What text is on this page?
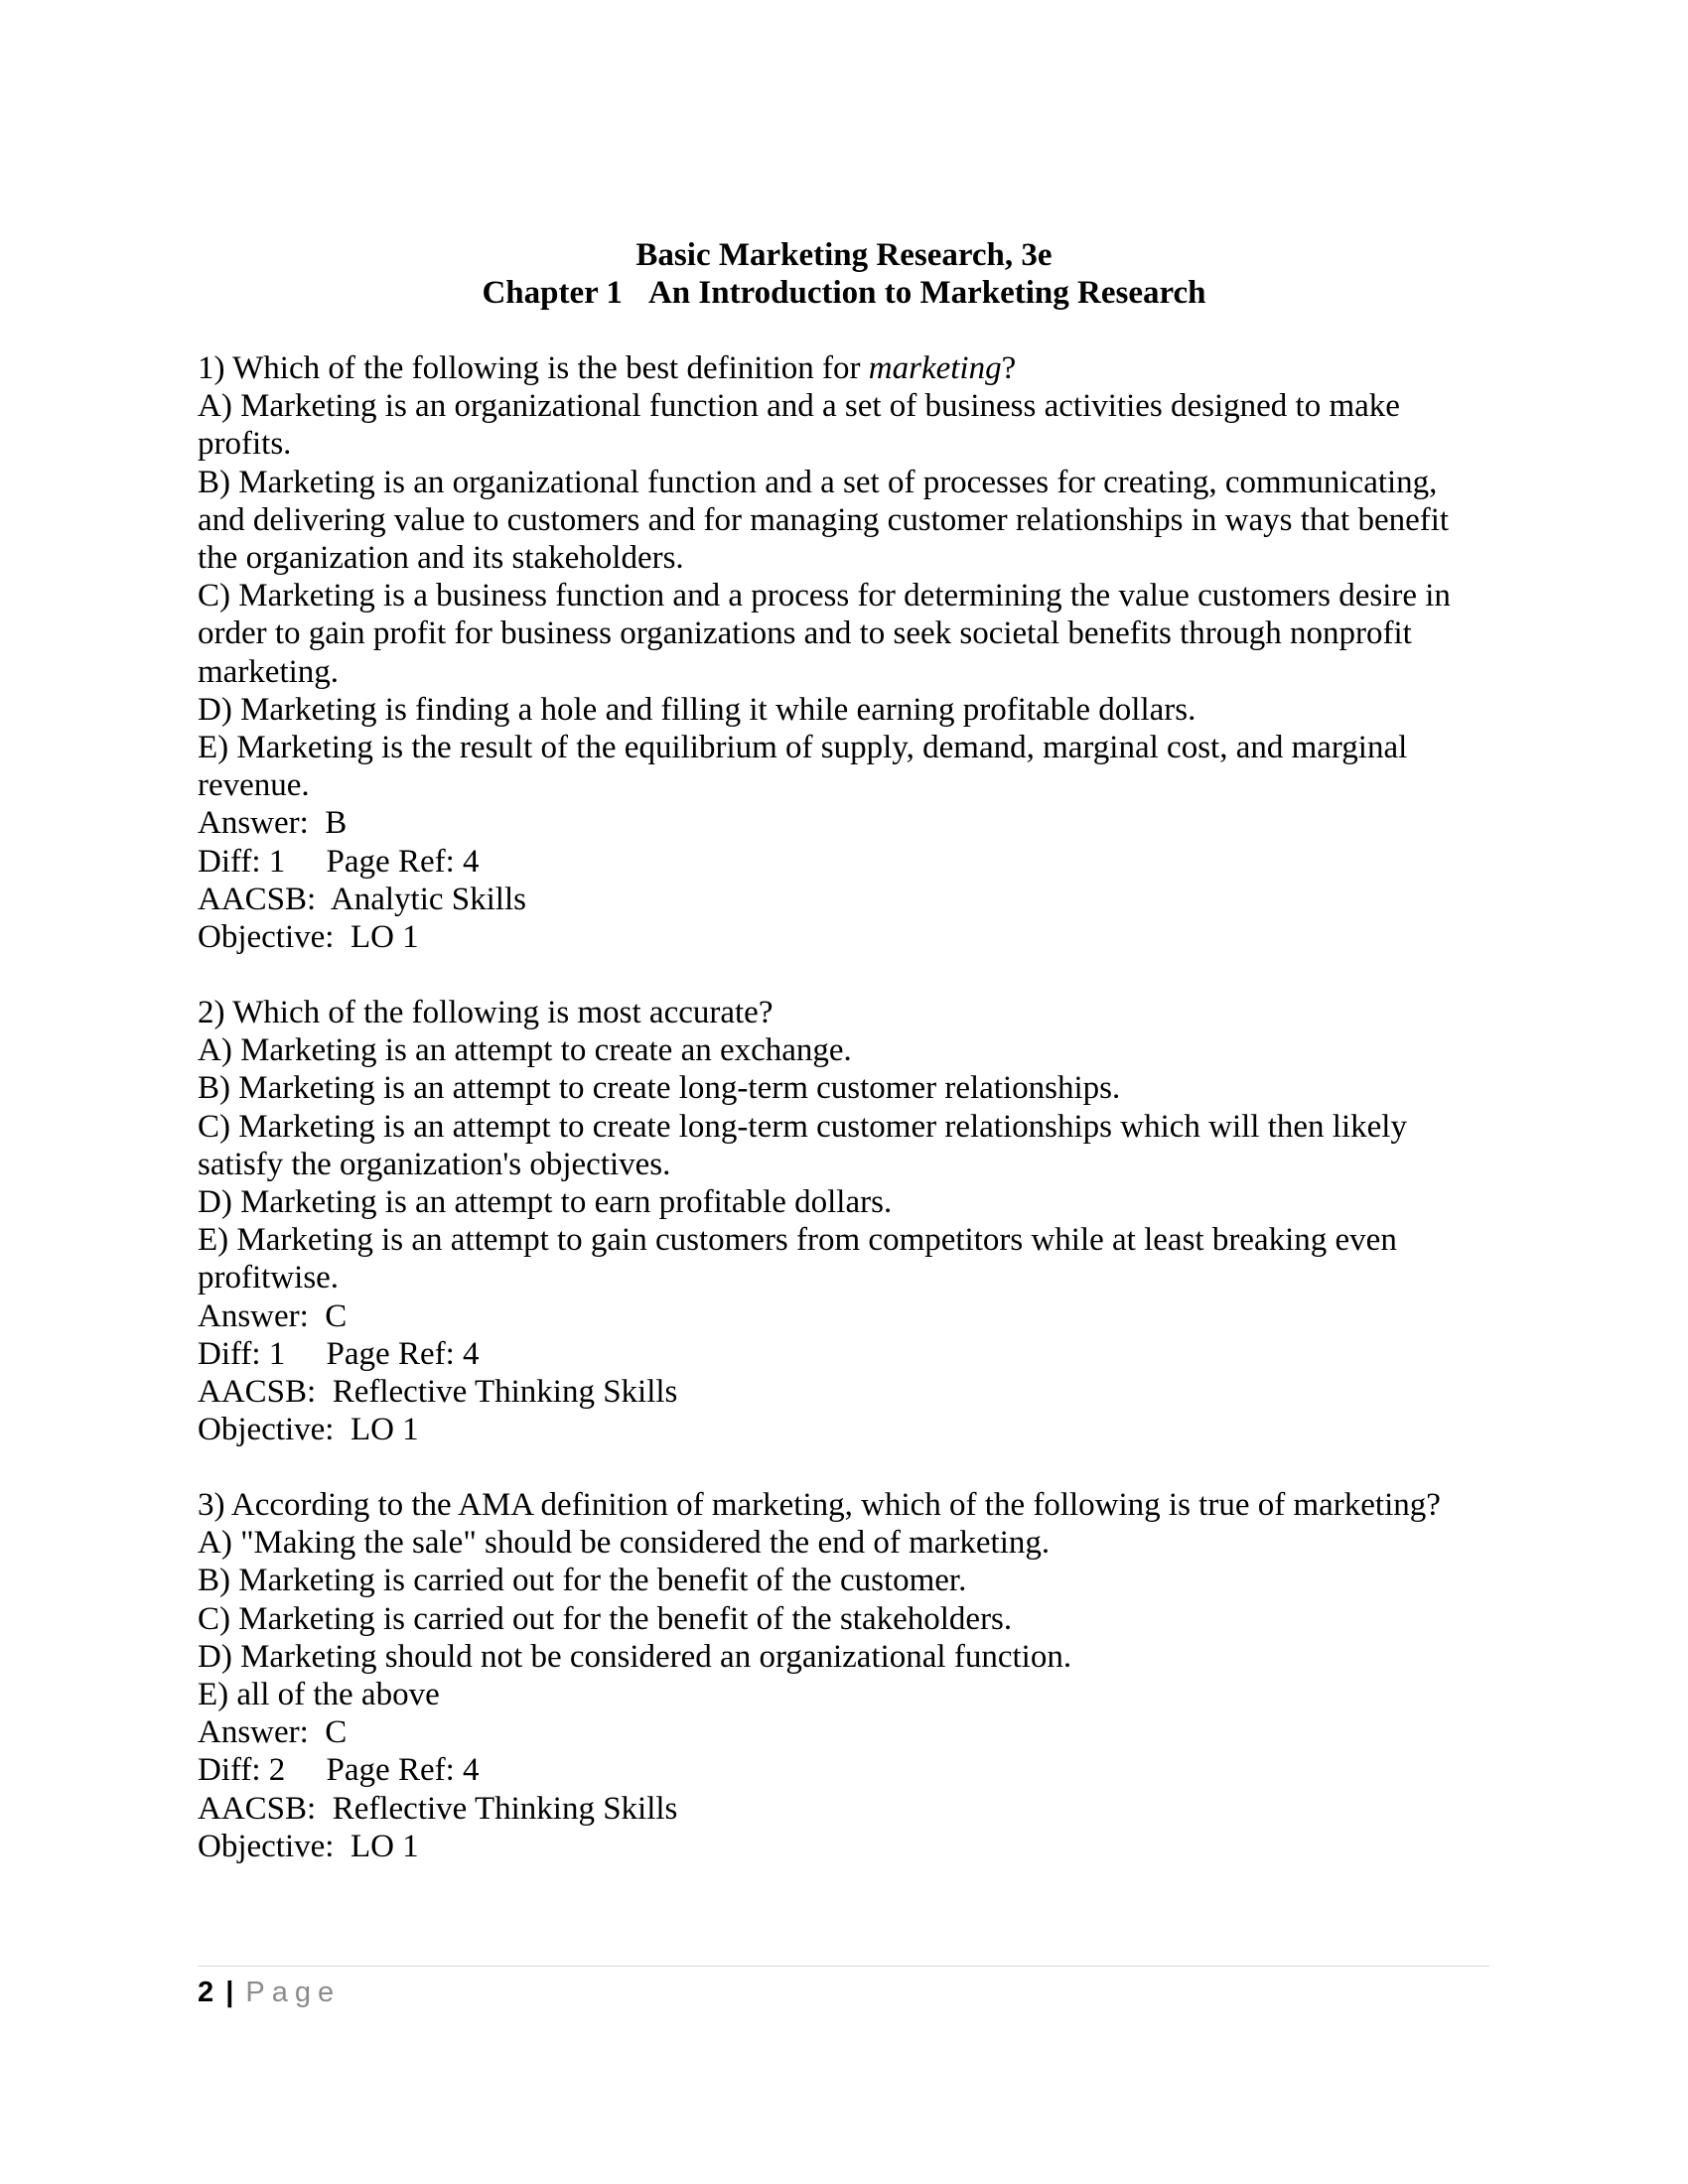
Basic Marketing Research, 3e
Chapter 1 An Introduction to Marketing Research
1) Which of the following is the best definition for marketing?
A) Marketing is an organizational function and a set of business activities designed to make profits.
B) Marketing is an organizational function and a set of processes for creating, communicating, and delivering value to customers and for managing customer relationships in ways that benefit the organization and its stakeholders.
C) Marketing is a business function and a process for determining the value customers desire in order to gain profit for business organizations and to seek societal benefits through nonprofit marketing.
D) Marketing is finding a hole and filling it while earning profitable dollars.
E) Marketing is the result of the equilibrium of supply, demand, marginal cost, and marginal revenue.
Answer:  B
Diff: 1     Page Ref: 4
AACSB:  Analytic Skills
Objective:  LO 1
2) Which of the following is most accurate?
A) Marketing is an attempt to create an exchange.
B) Marketing is an attempt to create long-term customer relationships.
C) Marketing is an attempt to create long-term customer relationships which will then likely satisfy the organization's objectives.
D) Marketing is an attempt to earn profitable dollars.
E) Marketing is an attempt to gain customers from competitors while at least breaking even profitwise.
Answer:  C
Diff: 1     Page Ref: 4
AACSB:  Reflective Thinking Skills
Objective:  LO 1
3) According to the AMA definition of marketing, which of the following is true of marketing?
A) "Making the sale" should be considered the end of marketing.
B) Marketing is carried out for the benefit of the customer.
C) Marketing is carried out for the benefit of the stakeholders.
D) Marketing should not be considered an organizational function.
E) all of the above
Answer:  C
Diff: 2     Page Ref: 4
AACSB:  Reflective Thinking Skills
Objective:  LO 1
2 | Page
